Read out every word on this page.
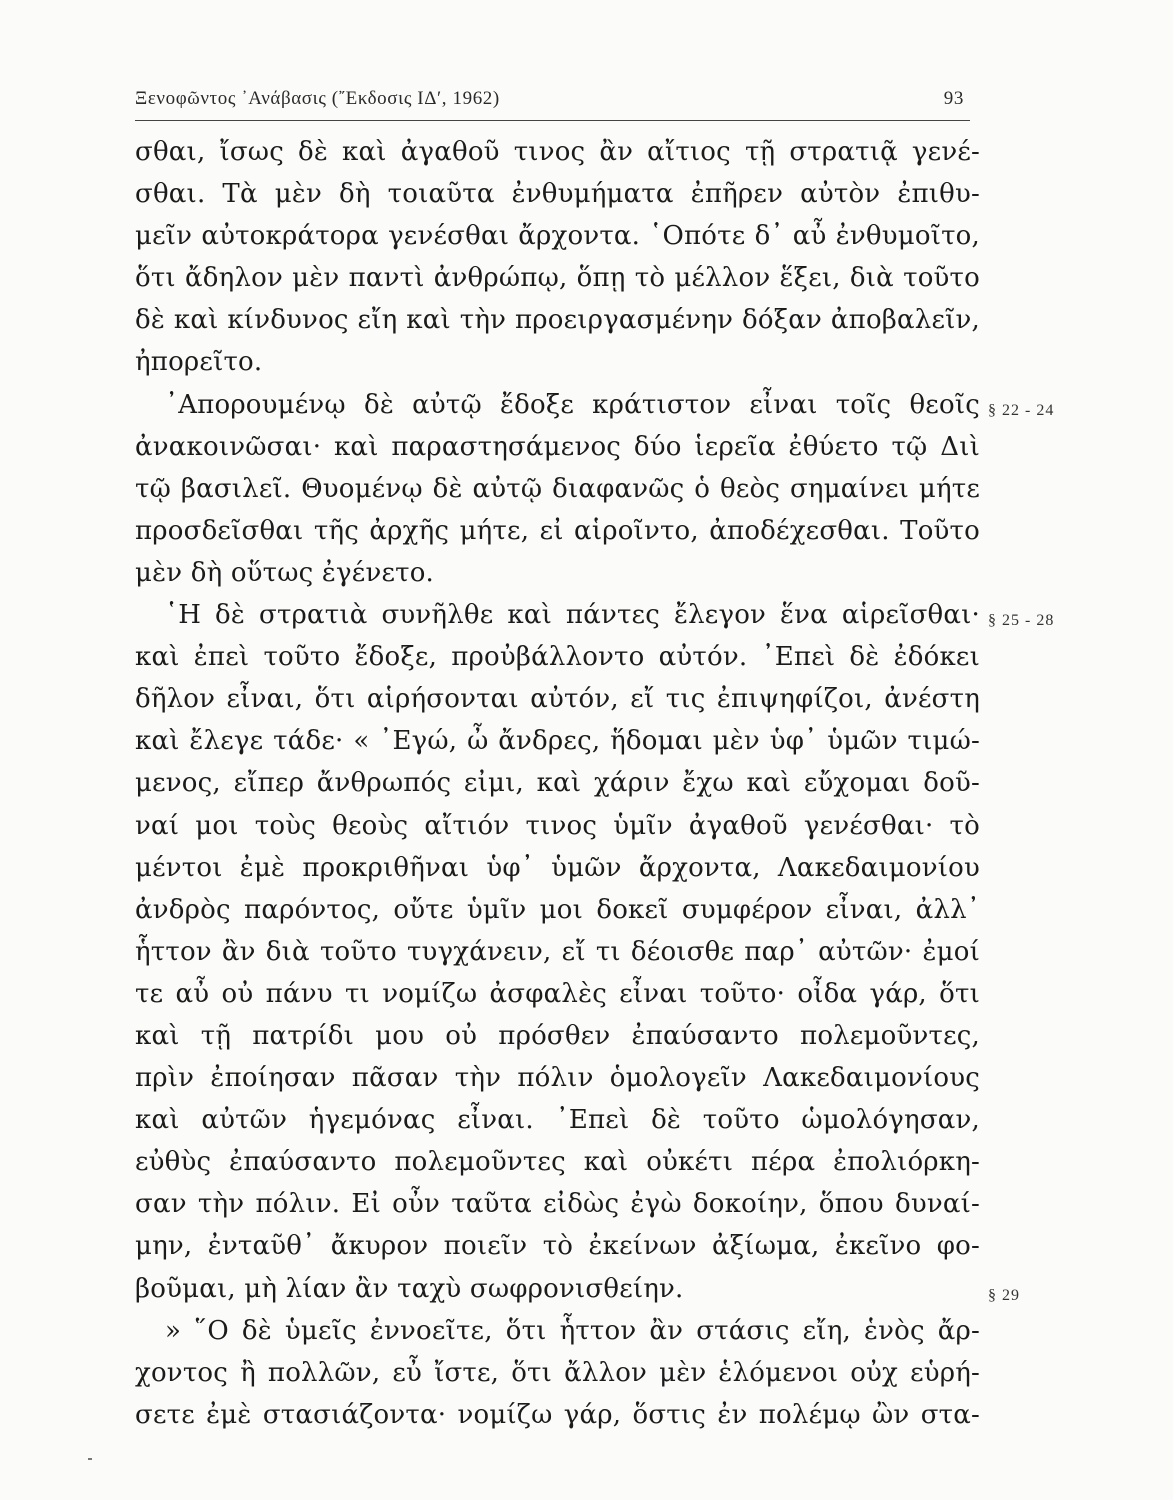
Ξενοφῶντος ᾿Ανάβασις (῎Εκδοσις ΙΔʹ, 1962)	93
σθαι, ἴσως δὲ καὶ ἀγαθοῦ τινος ἂν αἴτιος τῇ στρατιᾷ γενέ-
σθαι. Τὰ μὲν δὴ τοιαῦτα ἐνθυμήματα ἐπῆρεν αὐτὸν ἐπιθυ-
μεῖν αὐτοκράτορα γενέσθαι ἄρχοντα. ῾Οπότε δ᾿ αὖ ἐνθυμοῖτο,
ὅτι ἄδηλον μὲν παντὶ ἀνθρώπῳ, ὅπῃ τὸ μέλλον ἕξει, διὰ τοῦτο
δὲ καὶ κίνδυνος εἴη καὶ τὴν προειργασμένην δόξαν ἀποβαλεῖν,
ἠπορεῖτο.
᾿Απορουμένῳ δὲ αὐτῷ ἔδοξε κράτιστον εἶναι τοῖς θεοῖς
ἀνακοινῶσαι· καὶ παραστησάμενος δύο ἱερεῖα ἐθύετο τῷ Διὶ
τῷ βασιλεῖ. Θυομένῳ δὲ αὐτῷ διαφανῶς ὁ θεὸς σημαίνει μήτε
προσδεῖσθαι τῆς ἀρχῆς μήτε, εἰ αἱροῖντο, ἀποδέχεσθαι. Τοῦτο
μὲν δὴ οὕτως ἐγένετο.
῾Η δὲ στρατιὰ συνῆλθε καὶ πάντες ἔλεγον ἕνα αἱρεῖσθαι·
καὶ ἐπεὶ τοῦτο ἔδοξε, προὐβάλλοντο αὐτόν. ᾿Επεὶ δὲ ἐδόκει
δῆλον εἶναι, ὅτι αἱρήσονται αὐτόν, εἴ τις ἐπιψηφίζοι, ἀνέστη
καὶ ἔλεγε τάδε· « ᾿Εγώ, ὦ ἄνδρες, ἥδομαι μὲν ὑφ᾿ ὑμῶν τιμώ-
μενος, εἴπερ ἄνθρωπός εἰμι, καὶ χάριν ἔχω καὶ εὔχομαι δοῦ-
ναί μοι τοὺς θεοὺς αἴτιόν τινος ὑμῖν ἀγαθοῦ γενέσθαι· τὸ
μέντοι ἐμὲ προκριθῆναι ὑφ᾿ ὑμῶν ἄρχοντα, Λακεδαιμονίου
ἀνδρὸς παρόντος, οὔτε ὑμῖν μοι δοκεῖ συμφέρον εἶναι, ἀλλ᾿
ἧττον ἂν διὰ τοῦτο τυγχάνειν, εἴ τι δέοισθε παρ᾿ αὐτῶν· ἐμοί
τε αὖ οὐ πάνυ τι νομίζω ἀσφαλὲς εἶναι τοῦτο· οἶδα γάρ, ὅτι
καὶ τῇ πατρίδι μου οὐ πρόσθεν ἐπαύσαντο πολεμοῦντες,
πρὶν ἐποίησαν πᾶσαν τὴν πόλιν ὁμολογεῖν Λακεδαιμονίους
καὶ αὐτῶν ἡγεμόνας εἶναι. ᾿Επεὶ δὲ τοῦτο ὡμολόγησαν,
εὐθὺς ἐπαύσαντο πολεμοῦντες καὶ οὐκέτι πέρα ἐπολιόρκη-
σαν τὴν πόλιν. Εἰ οὖν ταῦτα εἰδὼς ἐγὼ δοκοίην, ὅπου δυναί-
μην, ἐνταῦθ᾿ ἄκυρον ποιεῖν τὸ ἐκείνων ἀξίωμα, ἐκεῖνο φο-
βοῦμαι, μὴ λίαν ἂν ταχὺ σωφρονισθείην.
» ῞Ο δὲ ὑμεῖς ἐννοεῖτε, ὅτι ἧττον ἂν στάσις εἴη, ἑνὸς ἄρ-
χοντος ἢ πολλῶν, εὖ ἴστε, ὅτι ἄλλον μὲν ἑλόμενοι οὐχ εὑρή-
σετε ἐμὲ στασιάζοντα· νομίζω γάρ, ὅστις ἐν πολέμῳ ὢν στα-
§ 22 - 24
§ 25 - 28
§ 29
